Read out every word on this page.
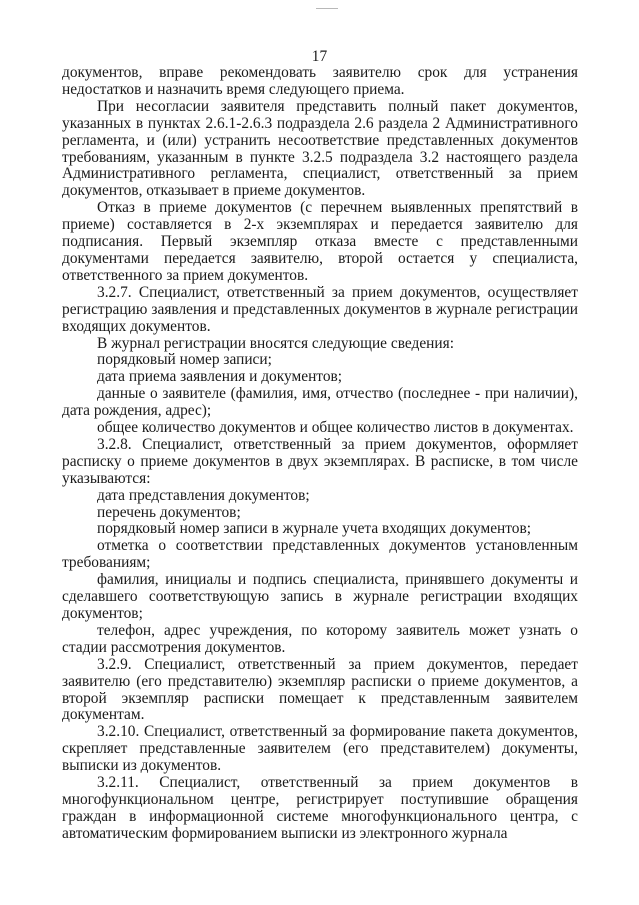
17

документов, вправе рекомендовать заявителю срок для устранения недостатков и назначить время следующего приема.

При несогласии заявителя представить полный пакет документов, указанных в пунктах 2.6.1-2.6.3 подраздела 2.6 раздела 2 Административного регламента, и (или) устранить несоответствие представленных документов требованиям, указанным в пункте 3.2.5 подраздела 3.2 настоящего раздела Административного регламента, специалист, ответственный за прием документов, отказывает в приеме документов.

Отказ в приеме документов (с перечнем выявленных препятствий в приеме) составляется в 2-х экземплярах и передается заявителю для подписания. Первый экземпляр отказа вместе с представленными документами передается заявителю, второй остается у специалиста, ответственного за прием документов.

3.2.7. Специалист, ответственный за прием документов, осуществляет регистрацию заявления и представленных документов в журнале регистрации входящих документов.

В журнал регистрации вносятся следующие сведения:

порядковый номер записи;

дата приема заявления и документов;

данные о заявителе (фамилия, имя, отчество (последнее - при наличии), дата рождения, адрес);

общее количество документов и общее количество листов в документах.

3.2.8. Специалист, ответственный за прием документов, оформляет расписку о приеме документов в двух экземплярах. В расписке, в том числе указываются:

дата представления документов;

перечень документов;

порядковый номер записи в журнале учета входящих документов;

отметка о соответствии представленных документов установленным требованиям;

фамилия, инициалы и подпись специалиста, принявшего документы и сделавшего соответствующую запись в журнале регистрации входящих документов;

телефон, адрес учреждения, по которому заявитель может узнать о стадии рассмотрения документов.

3.2.9. Специалист, ответственный за прием документов, передает заявителю (его представителю) экземпляр расписки о приеме документов, а второй экземпляр расписки помещает к представленным заявителем документам.

3.2.10. Специалист, ответственный за формирование пакета документов, скрепляет представленные заявителем (его представителем) документы, выписки из документов.

3.2.11. Специалист, ответственный за прием документов в многофункциональном центре, регистрирует поступившие обращения граждан в информационной системе многофункционального центра, с автоматическим формированием выписки из электронного журнала
